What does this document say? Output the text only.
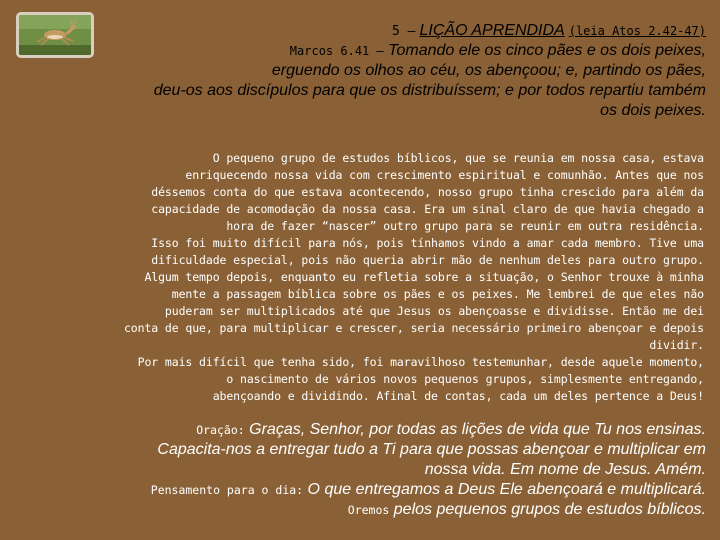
5 – LIÇÃO APRENDIDA (leia Atos 2.42-47)
Marcos 6.41 – Tomando ele os cinco pães e os dois peixes,
erguendo os olhos ao céu, os abençoou; e, partindo os pães,
deu-os aos discípulos para que os distribuíssem; e por todos repartiu também
os dois peixes.

O pequeno grupo de estudos bíblicos, que se reunia em nossa casa, estava

enriquecendo nossa vida com crescimento espiritual e comunhão. Antes que nos

déssemos conta do que estava acontecendo, nosso grupo tinha crescido para além da

capacidade de acomodação da nossa casa. Era um sinal claro de que havia chegado a

hora de fazer “nascer” outro grupo para se reunir em outra residência.

Isso foi muito difícil para nós, pois tínhamos vindo a amar cada membro. Tive uma

dificuldade especial, pois não queria abrir mão de nenhum deles para outro grupo.

Algum tempo depois, enquanto eu refletia sobre a situação, o Senhor trouxe à minha

mente a passagem bíblica sobre os pães e os peixes. Me lembrei de que eles não

puderam ser multiplicados até que Jesus os abençoasse e dividisse. Então me dei

conta de que, para multiplicar e crescer, seria necessário primeiro abençoar e depois

dividir.

Por mais difícil que tenha sido, foi maravilhoso testemunhar, desde aquele momento,

o nascimento de vários novos pequenos grupos, simplesmente entregando,

abençoando e dividindo. Afinal de contas, cada um deles pertence a Deus!

Oração: Graças, Senhor, por todas as lições de vida que Tu nos ensinas.

Capacita-nos a entregar tudo a Ti para que possas abençoar e multiplicar em

nossa vida. Em nome de Jesus. Amém.

Pensamento para o dia: O que entregamos a Deus Ele abençoará e multiplicará.

Oremos pelos pequenos grupos de estudos bíblicos.
